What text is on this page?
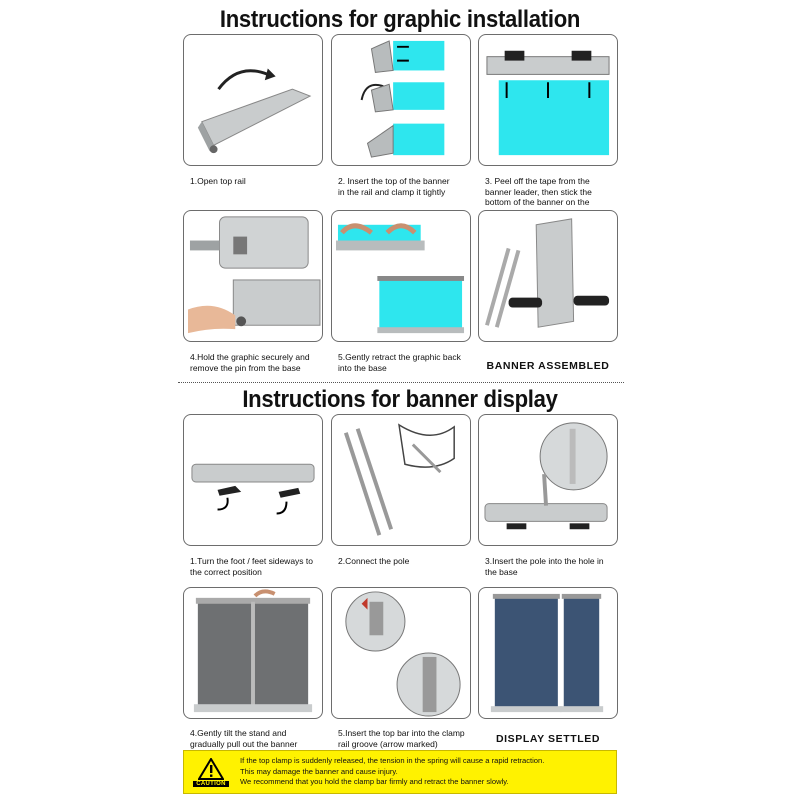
Instructions for graphic installation
1.Open top rail	2. Insert the top of the banner in the rail and clamp it tightly
3. Peel off the tape from the banner leader, then stick the bottom of the banner on the
4.Hold the graphic securely and remove the pin from the base
5.Gently retract the graphic back into the base	BANNER ASSEMBLED
Instructions for banner display
1.Turn the foot / feet sideways to the correct position
2.Connect the pole	3.Insert the pole into the hole in the base
4.Gently tilt the stand and gradually pull out the banner
5.Insert the top bar into the clamp rail groove (arrow marked)	DISPLAY SETTLED
CAUTION
If the top clamp is suddenly released, the tension in the spring will cause a rapid retraction.
This may damage the banner and cause injury.
We recommend that you hold the clamp bar firmly and retract the banner slowly.
